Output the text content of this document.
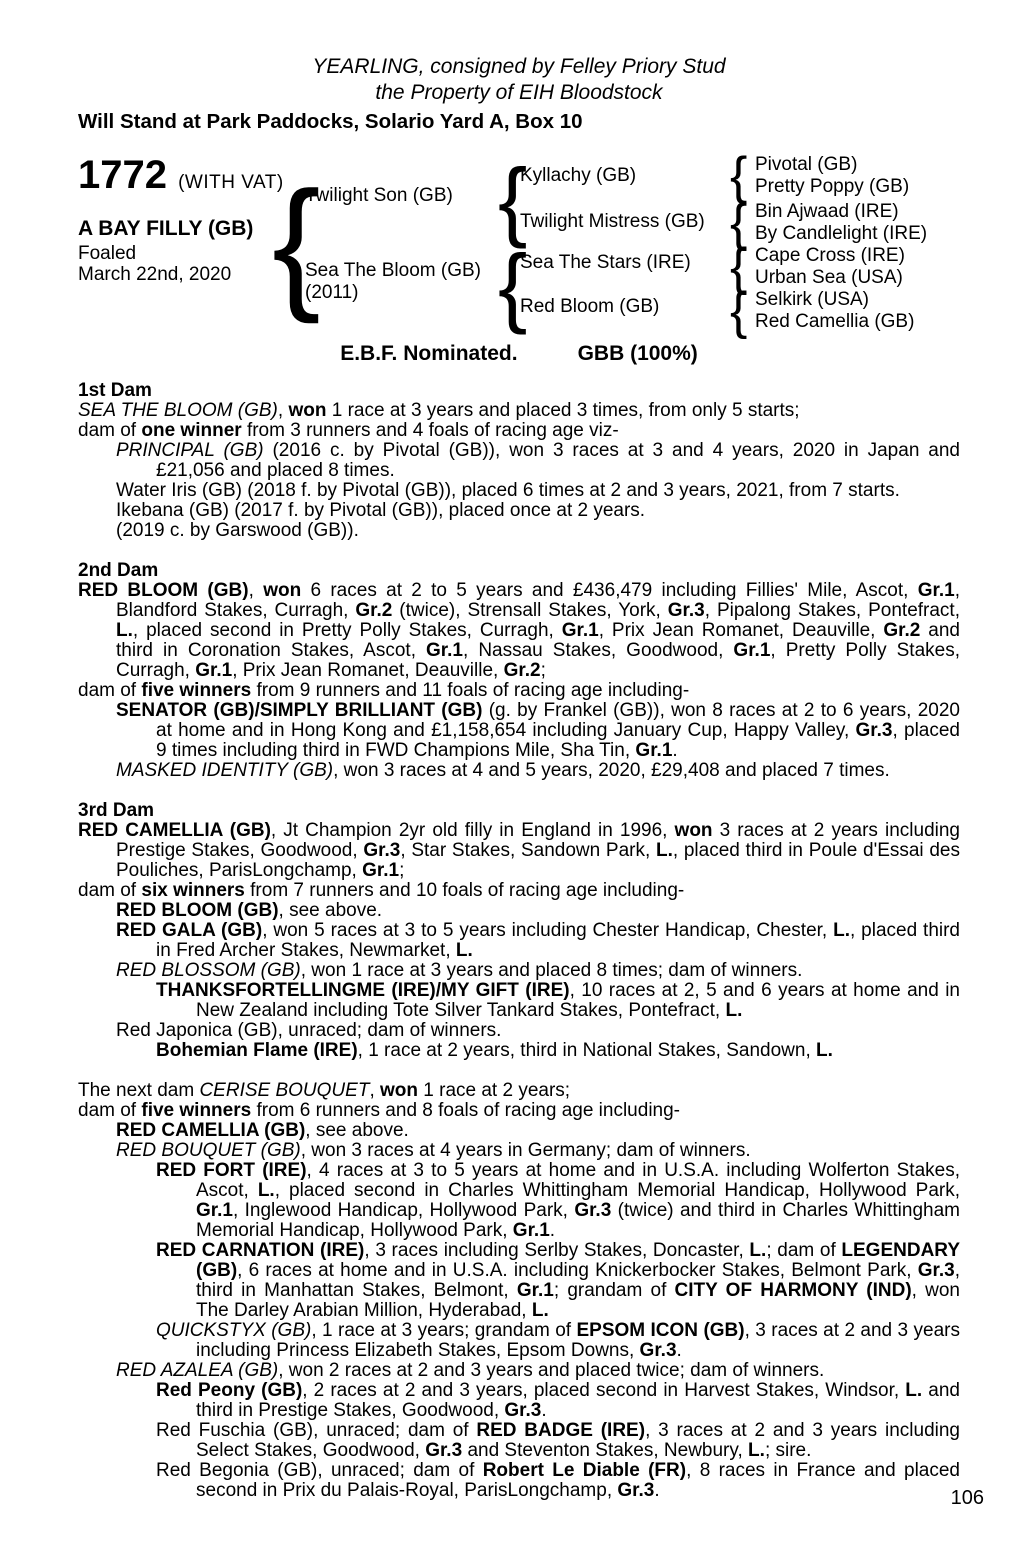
YEARLING, consigned by Felley Priory Stud
the Property of EIH Bloodstock
Will Stand at Park Paddocks, Solario Yard A, Box 10
1772 (WITH VAT)
A BAY FILLY (GB)
Foaled
March 22nd, 2020 {
Twilight Son (GB)
Sea The Bloom (GB)
(2011)
{
{
Kyllachy (GB)
Twilight Mistress (GB)
Sea The Stars (IRE)
Red Bloom (GB)
{
{
{
{
Pivotal (GB)
Pretty Poppy (GB)
Bin Ajwaad (IRE)
By Candlelight (IRE)
Cape Cross (IRE)
Urban Sea (USA)
Selkirk (USA)
Red Camellia (GB)
E.B.F. Nominated.	GBB (100%)

1st Dam

SEA THE BLOOM (GB), won 1 race at 3 years and placed 3 times, from only 5 starts;

dam of one winner from 3 runners and 4 foals of racing age viz-

PRINCIPAL (GB) (2016 c. by Pivotal (GB)), won 3 races at 3 and 4 years, 2020 in Japan and £21,056 and placed 8 times.

Water Iris (GB) (2018 f. by Pivotal (GB)), placed 6 times at 2 and 3 years, 2021, from 7 starts.

Ikebana (GB) (2017 f. by Pivotal (GB)), placed once at 2 years.

(2019 c. by Garswood (GB)).

2nd Dam

RED BLOOM (GB), won 6 races at 2 to 5 years and £436,479 including Fillies' Mile, Ascot, Gr.1, Blandford Stakes, Curragh, Gr.2 (twice), Strensall Stakes, York, Gr.3, Pipalong Stakes, Pontefract, L., placed second in Pretty Polly Stakes, Curragh, Gr.1, Prix Jean Romanet, Deauville, Gr.2 and third in Coronation Stakes, Ascot, Gr.1, Nassau Stakes, Goodwood, Gr.1, Pretty Polly Stakes, Curragh, Gr.1, Prix Jean Romanet, Deauville, Gr.2;

dam of five winners from 9 runners and 11 foals of racing age including-

SENATOR (GB)/SIMPLY BRILLIANT (GB) (g. by Frankel (GB)), won 8 races at 2 to 6 years, 2020 at home and in Hong Kong and £1,158,654 including January Cup, Happy Valley, Gr.3, placed 9 times including third in FWD Champions Mile, Sha Tin, Gr.1.

MASKED IDENTITY (GB), won 3 races at 4 and 5 years, 2020, £29,408 and placed 7 times.

3rd Dam

RED CAMELLIA (GB), Jt Champion 2yr old filly in England in 1996, won 3 races at 2 years including Prestige Stakes, Goodwood, Gr.3, Star Stakes, Sandown Park, L., placed third in Poule d'Essai des Pouliches, ParisLongchamp, Gr.1;

dam of six winners from 7 runners and 10 foals of racing age including-

RED BLOOM (GB), see above.

RED GALA (GB), won 5 races at 3 to 5 years including Chester Handicap, Chester, L., placed third in Fred Archer Stakes, Newmarket, L.

RED BLOSSOM (GB), won 1 race at 3 years and placed 8 times; dam of winners.

THANKSFORTELLINGME (IRE)/MY GIFT (IRE), 10 races at 2, 5 and 6 years at home and in New Zealand including Tote Silver Tankard Stakes, Pontefract, L.

Red Japonica (GB), unraced; dam of winners.

Bohemian Flame (IRE), 1 race at 2 years, third in National Stakes, Sandown, L.

The next dam CERISE BOUQUET, won 1 race at 2 years;

dam of five winners from 6 runners and 8 foals of racing age including-

RED CAMELLIA (GB), see above.

RED BOUQUET (GB), won 3 races at 4 years in Germany; dam of winners.

RED FORT (IRE), 4 races at 3 to 5 years at home and in U.S.A. including Wolferton Stakes, Ascot, L., placed second in Charles Whittingham Memorial Handicap, Hollywood Park, Gr.1, Inglewood Handicap, Hollywood Park, Gr.3 (twice) and third in Charles Whittingham Memorial Handicap, Hollywood Park, Gr.1.

RED CARNATION (IRE), 3 races including Serlby Stakes, Doncaster, L.; dam of LEGENDARY (GB), 6 races at home and in U.S.A. including Knickerbocker Stakes, Belmont Park, Gr.3, third in Manhattan Stakes, Belmont, Gr.1; grandam of CITY OF HARMONY (IND), won The Darley Arabian Million, Hyderabad, L.

QUICKSTYX (GB), 1 race at 3 years; grandam of EPSOM ICON (GB), 3 races at 2 and 3 years including Princess Elizabeth Stakes, Epsom Downs, Gr.3.

RED AZALEA (GB), won 2 races at 2 and 3 years and placed twice; dam of winners.

Red Peony (GB), 2 races at 2 and 3 years, placed second in Harvest Stakes, Windsor, L. and third in Prestige Stakes, Goodwood, Gr.3.

Red Fuschia (GB), unraced; dam of RED BADGE (IRE), 3 races at 2 and 3 years including Select Stakes, Goodwood, Gr.3 and Steventon Stakes, Newbury, L.; sire.

Red Begonia (GB), unraced; dam of Robert Le Diable (FR), 8 races in France and placed second in Prix du Palais-Royal, ParisLongchamp, Gr.3.	106
